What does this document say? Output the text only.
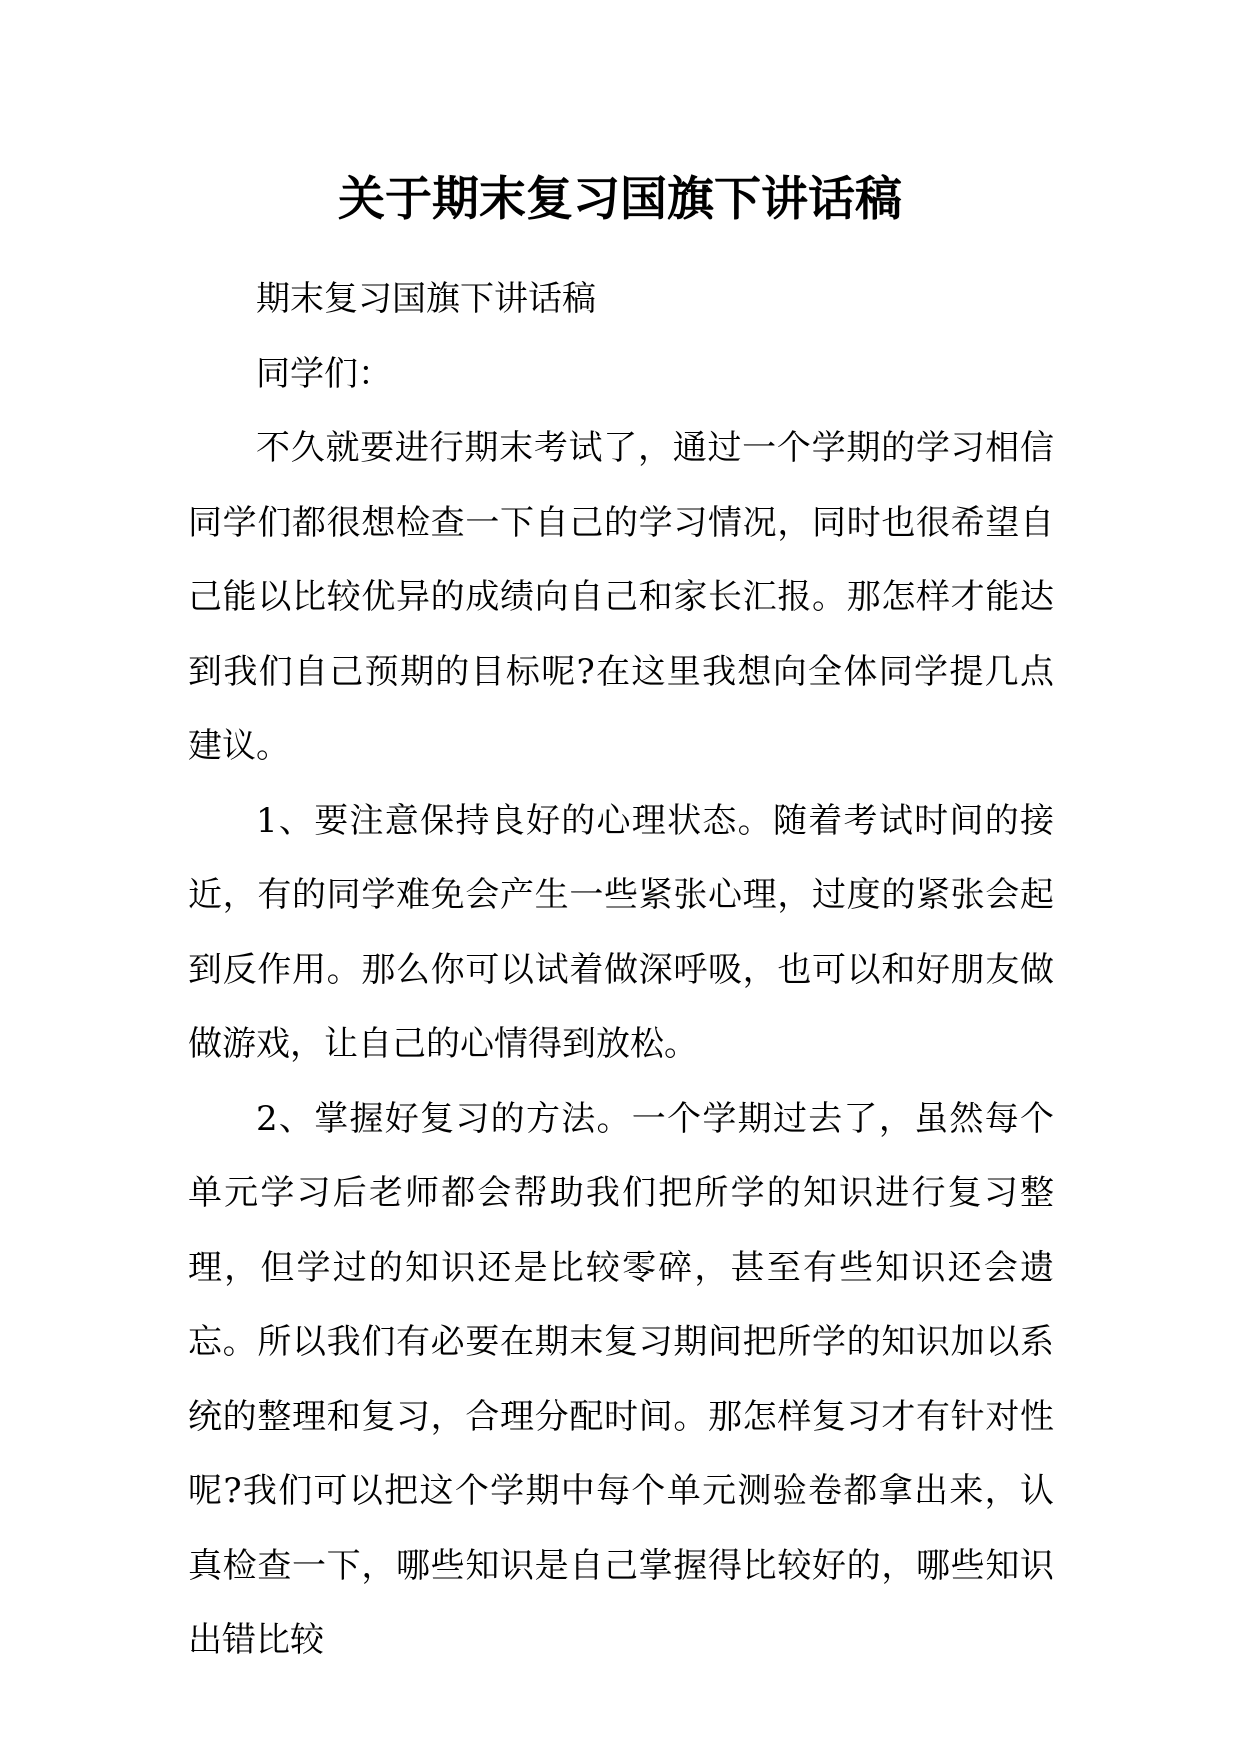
关于期末复习国旗下讲话稿

期末复习国旗下讲话稿

同学们：

不久就要进行期末考试了，通过一个学期的学习相信同学们都很想检查一下自己的学习情况，同时也很希望自己能以比较优异的成绩向自己和家长汇报。那怎样才能达到我们自己预期的目标呢?在这里我想向全体同学提几点建议。

1、要注意保持良好的心理状态。随着考试时间的接近，有的同学难免会产生一些紧张心理，过度的紧张会起到反作用。那么你可以试着做深呼吸，也可以和好朋友做做游戏，让自己的心情得到放松。

2、掌握好复习的方法。一个学期过去了，虽然每个单元学习后老师都会帮助我们把所学的知识进行复习整理，但学过的知识还是比较零碎，甚至有些知识还会遗忘。所以我们有必要在期末复习期间把所学的知识加以系统的整理和复习，合理分配时间。那怎样复习才有针对性呢?我们可以把这个学期中每个单元测验卷都拿出来，认真检查一下，哪些知识是自己掌握得比较好的，哪些知识出错比较
